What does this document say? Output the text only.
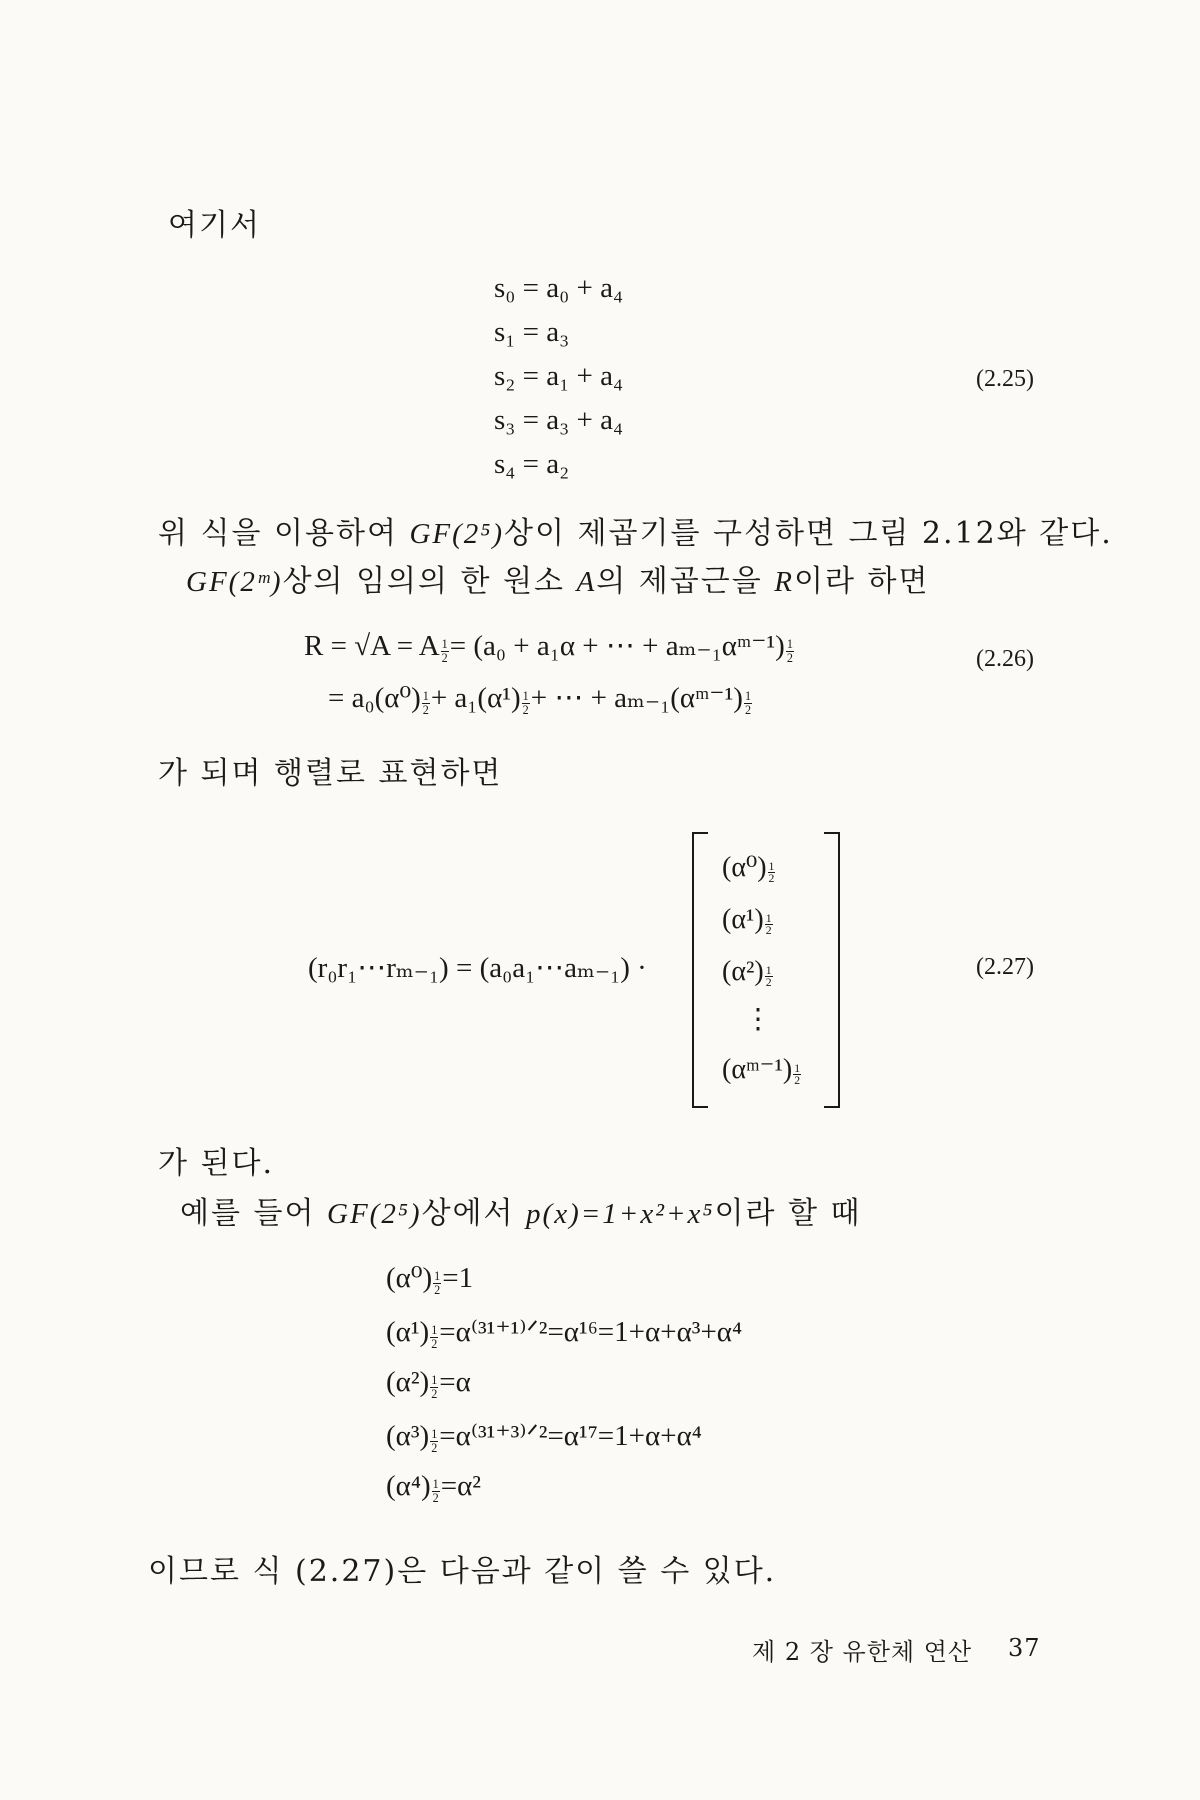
여기서
s₀ = a₀ + a₄
s₁ = a₃
s₂ = a₁ + a₄
s₃ = a₃ + a₄
s₄ = a₂
(2.25)
위 식을 이용하여 GF(2⁵)상이 제곱기를 구성하면 그림 2.12와 같다.
GF(2ᵐ)상의 임의의 한 원소 A의 제곱근을 R이라 하면
R = √A = A $\frac{1}{2} = (a_0 + a_1\alpha$ + ⋯ + aₘ₋₁αᵐ⁻¹) $\frac{1}{2}$
= $a_0(\alpha^0) \frac{1}{2} + a_1(\alpha^1) \frac{1}{2}$ + ⋯ + aₘ₋₁(αᵐ⁻¹) $\frac{1}{2}$
(2.26)
가 되며 행렬로 표현하면
(r₀r₁⋯rₘ₋₁) = (a₀a₁⋯aₘ₋₁) ·
$(\alpha^0) \frac{1}{2}$
$(\alpha^1) \frac{1}{2}$
$(\alpha^2) \frac{1}{2}$
⋮
(αᵐ⁻¹) $\frac{1}{2}$
(2.27)
가 된다.
예를 들어 GF(2⁵)상에서 p(x)=1+x²+x⁵이라 할 때
$(\alpha^0) \frac{1}{2} =1$
$(\alpha^1) \frac{1}{2}$ =α⁽³¹⁺¹⁾ᐟ²=α¹⁶=1+α+α³+α⁴
$(\alpha^2) \frac{1}{2} =\alpha$
$(\alpha^3) \frac{1}{2}$ =α⁽³¹⁺³⁾ᐟ²=α¹⁷=1+α+α⁴
$(\alpha^4) \frac{1}{2} =\alpha^2$
이므로 식 (2.27)은 다음과 같이 쓸 수 있다.
제 2 장 유한체 연산 37
